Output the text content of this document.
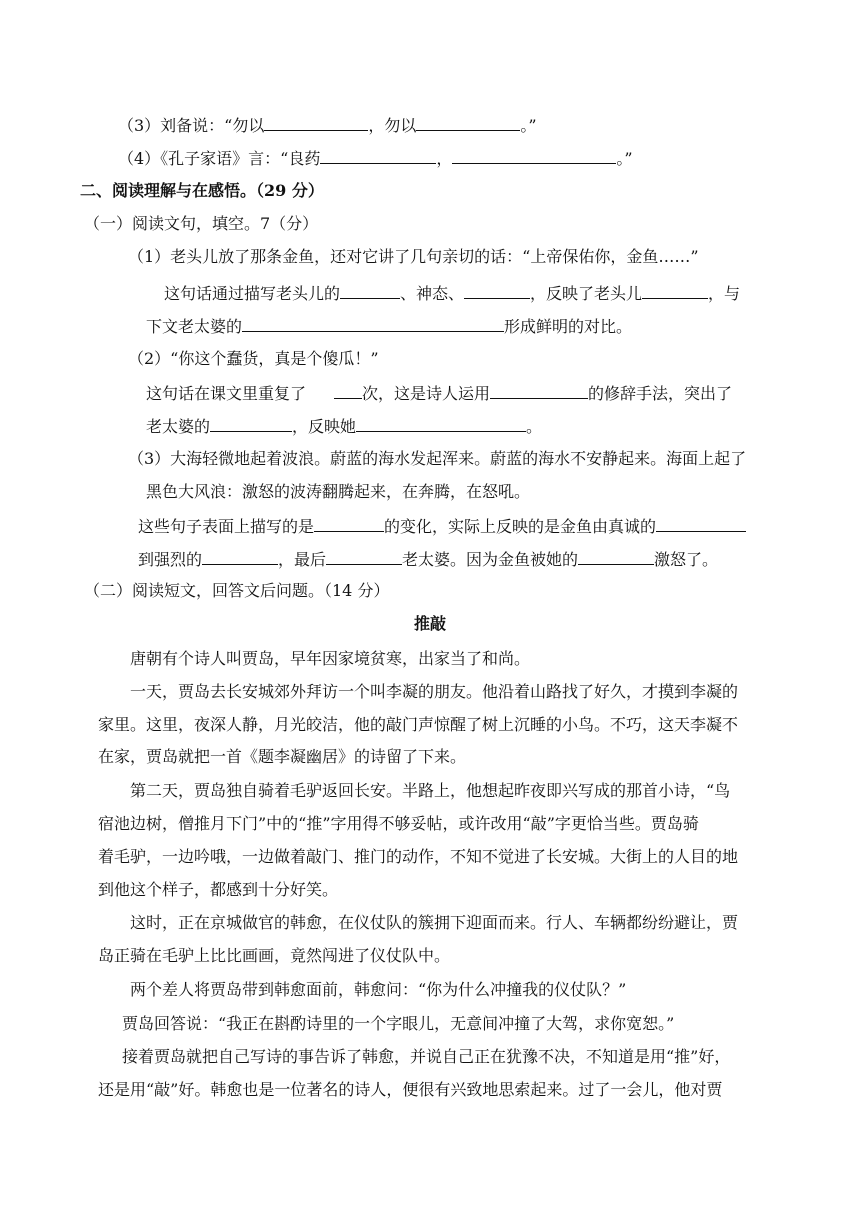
（3）刘备说：“勿以	，勿以	。”
（4）《孔子家语》言：“良药	，	。”
二、阅读理解与在感悟。（29 分）
（一）阅读文句，填空。7（分）
（1）老头儿放了那条金鱼，还对它讲了几句亲切的话：“上帝保佑你，金鱼……”
这句话通过描写老头儿的	、神态、	，反映了老头儿	，与
下文老太婆的	形成鲜明的对比。
（2）“你这个蠢货，真是个傻瓜！”
这句话在课文里重复了	次，这是诗人运用	的修辞手法，突出了
老太婆的	，反映她	。
（3）大海轻微地起着波浪。蔚蓝的海水发起浑来。蔚蓝的海水不安静起来。海面上起了
黑色大风浪：激怒的波涛翻腾起来，在奔腾，在怒吼。
这些句子表面上描写的是	的变化，实际上反映的是金鱼由真诚的
到强烈的	，最后	老太婆。因为金鱼被她的	激怒了。
（二）阅读短文，回答文后问题。（14 分）
推敲
唐朝有个诗人叫贾岛，早年因家境贫寒，出家当了和尚。
一天，贾岛去长安城郊外拜访一个叫李凝的朋友。他沿着山路找了好久，才摸到李凝的
家里。这里，夜深人静，月光皎洁，他的敲门声惊醒了树上沉睡的小鸟。不巧，这天李凝不
在家，贾岛就把一首《题李凝幽居》的诗留了下来。
第二天，贾岛独自骑着毛驴返回长安。半路上，他想起昨夜即兴写成的那首小诗，“鸟
宿池边树，僧推月下门”中的“推”字用得不够妥帖，或许改用“敲”字更恰当些。贾岛骑
着毛驴，一边吟哦，一边做着敲门、推门的动作，不知不觉进了长安城。大街上的人目的地
到他这个样子，都感到十分好笑。
这时，正在京城做官的韩愈，在仪仗队的簇拥下迎面而来。行人、车辆都纷纷避让，贾
岛正骑在毛驴上比比画画，竟然闯进了仪仗队中。
两个差人将贾岛带到韩愈面前，韩愈问：“你为什么冲撞我的仪仗队？”
贾岛回答说：“我正在斟酌诗里的一个字眼儿，无意间冲撞了大驾，求你宽恕。”
接着贾岛就把自己写诗的事告诉了韩愈，并说自己正在犹豫不决，不知道是用“推”好，
还是用“敲”好。韩愈也是一位著名的诗人，便很有兴致地思索起来。过了一会儿，他对贾
